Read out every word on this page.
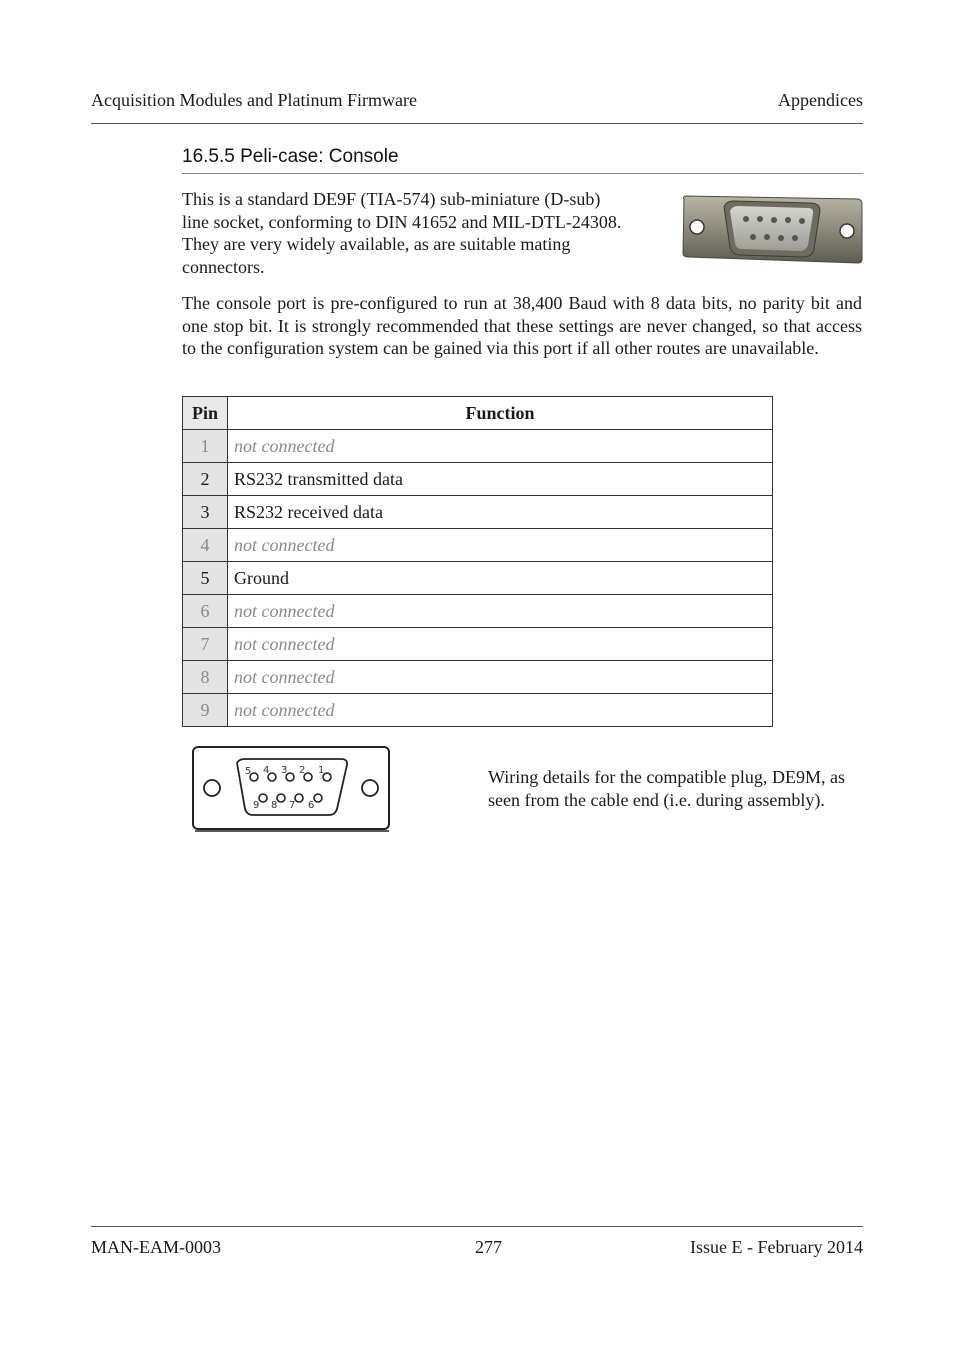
Acquisition Modules and Platinum Firmware	Appendices
16.5.5 Peli-case: Console
This is a standard DE9F (TIA-574) sub-miniature (D-sub) line socket, conforming to DIN 41652 and MIL-DTL-24308. They are very widely available, as are suitable mating connectors.
The console port is pre-configured to run at 38,400 Baud with 8 data bits, no parity bit and one stop bit. It is strongly recommended that these settings are never changed, so that access to the configuration system can be gained via this port if all other routes are unavailable.
Pin	Function
1	not connected
2	RS232 transmitted data
3	RS232 received data
4	not connected
5	Ground
6	not connected
7	not connected
8	not connected
9	not connected
5 4 3 2 1
9 8 7 6
Wiring details for the compatible plug, DE9M, as seen from the cable end (i.e. during assembly).
MAN-EAM-0003	277	Issue E - February 2014
